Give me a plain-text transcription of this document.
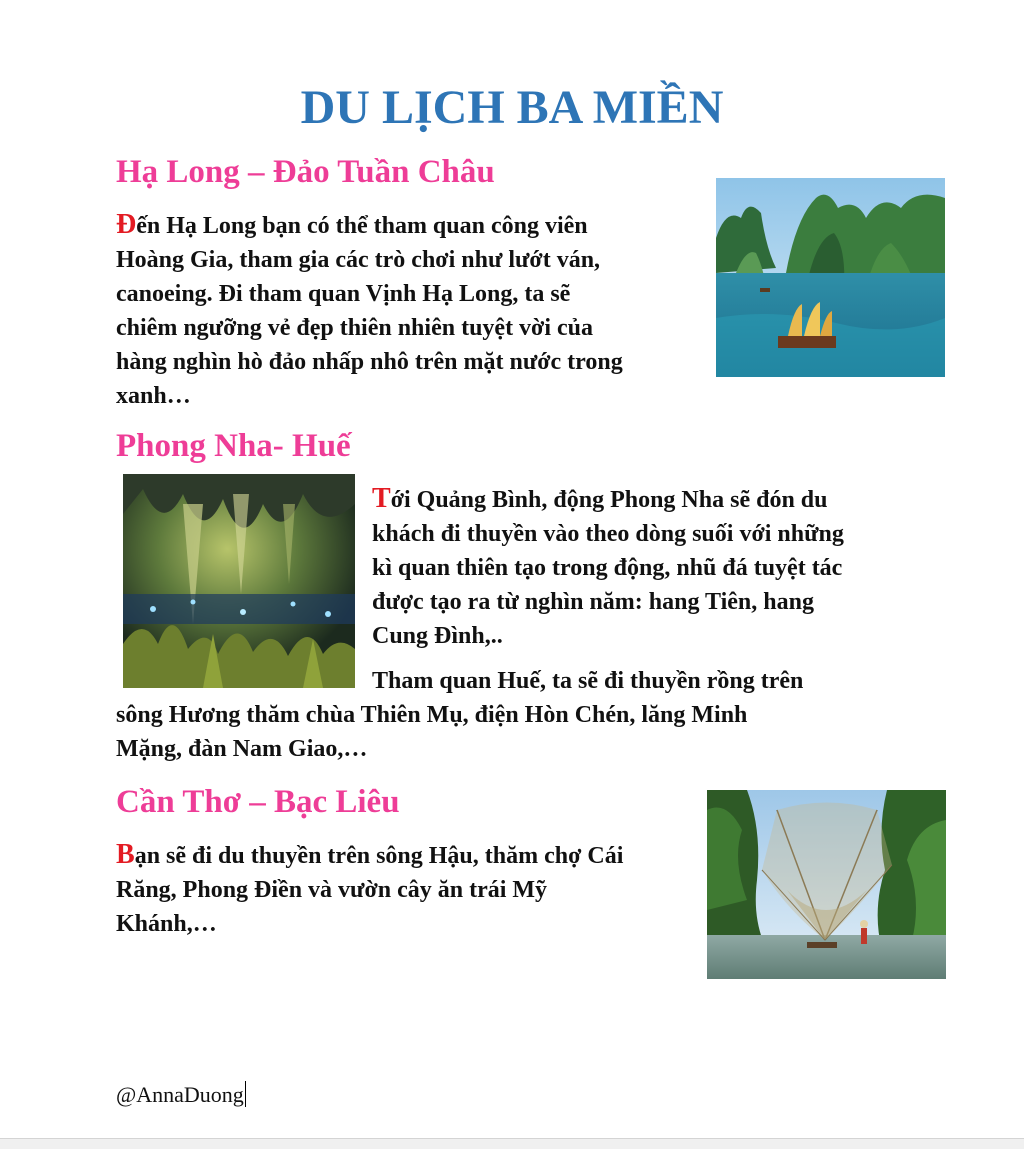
DU LỊCH BA MIỀN
Hạ Long – Đảo Tuần Châu
Đến Hạ Long bạn có thể tham quan công viên
Hoàng Gia, tham gia các trò chơi như lướt ván,
canoeing. Đi tham quan Vịnh Hạ Long, ta sẽ
chiêm ngưỡng vẻ đẹp thiên nhiên tuyệt vời của
hàng nghìn hò đảo nhấp nhô trên mặt nước trong
xanh…
Phong Nha- Huế
Tới Quảng Bình, động Phong Nha sẽ đón du
khách đi thuyền vào theo dòng suối với những
kì quan thiên tạo trong động, nhũ đá tuyệt tác
được tạo ra từ nghìn năm: hang Tiên, hang
Cung Đình,..
Tham quan Huế, ta sẽ đi thuyền rồng trên
sông Hương thăm chùa Thiên Mụ, điện Hòn Chén, lăng Minh
Mặng, đàn Nam Giao,…
Cần Thơ – Bạc Liêu
Bạn sẽ đi du thuyền trên sông Hậu, thăm chợ Cái
Răng, Phong Điền và vườn cây ăn trái Mỹ
Khánh,…
@AnnaDuong
